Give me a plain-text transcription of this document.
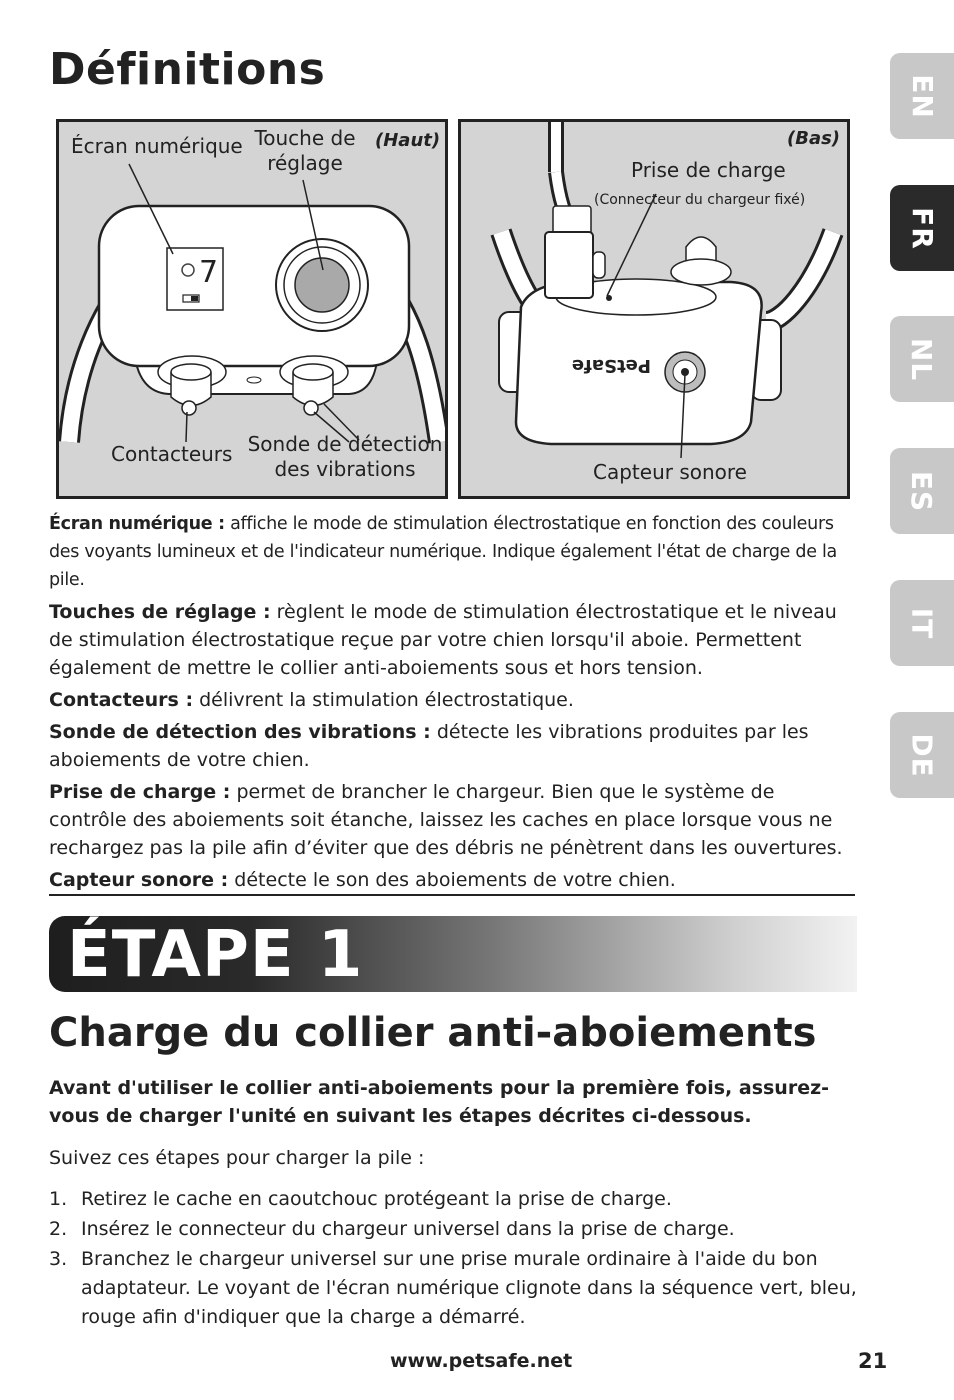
Définitions
EN
FR
NL
ES
IT
DE
7
Écran numérique Touche de
réglage
(Haut)
Contacteurs Sonde de détection
des vibrations
PetSafe
(Bas)
Prise de charge
(Connecteur du chargeur fixé)
Capteur sonore

Écran numérique : affiche le mode de stimulation électrostatique en fonction des couleurs des voyants lumineux et de l'indicateur numérique. Indique également l'état de charge de la pile.

Touches de réglage : règlent le mode de stimulation électrostatique et le niveau de stimulation électrostatique reçue par votre chien lorsqu'il aboie. Permettent également de mettre le collier anti-aboiements sous et hors tension.

Contacteurs : délivrent la stimulation électrostatique.

Sonde de détection des vibrations : détecte les vibrations produites par les aboiements de votre chien.

Prise de charge : permet de brancher le chargeur. Bien que le système de contrôle des aboiements soit étanche, laissez les caches en place lorsque vous ne rechargez pas la pile afin d’éviter que des débris ne pénètrent dans les ouvertures.

Capteur sonore : détecte le son des aboiements de votre chien.

ÉTAPE 1
Charge du collier anti-aboiements
Avant d'utiliser le collier anti-aboiements pour la première fois, assurez-vous de charger l'unité en suivant les étapes décrites ci-dessous.
Suivez ces étapes pour charger la pile :
1. Retirez le cache en caoutchouc protégeant la prise de charge.
2. Insérez le connecteur du chargeur universel dans la prise de charge.
3. Branchez le chargeur universel sur une prise murale ordinaire à l'aide du bon adaptateur. Le voyant de l'écran numérique clignote dans la séquence vert, bleu, rouge afin d'indiquer que la charge a démarré.
www.petsafe.net	21
